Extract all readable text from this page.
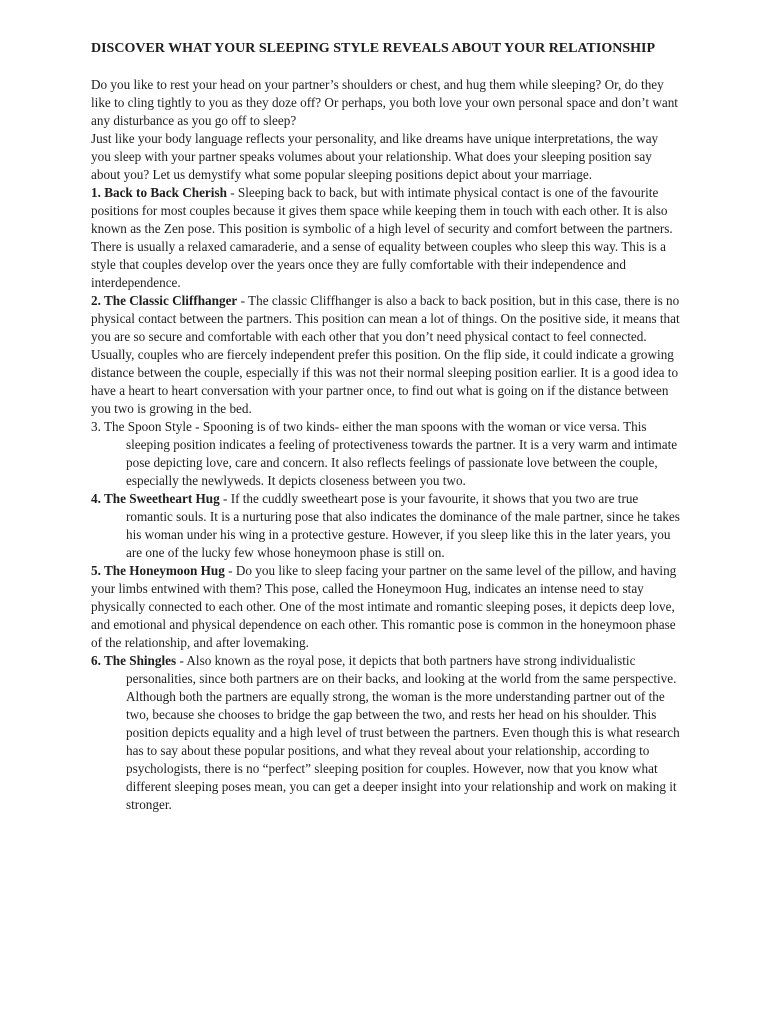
DISCOVER WHAT YOUR SLEEPING STYLE REVEALS ABOUT YOUR RELATIONSHIP

Do you like to rest your head on your partner’s shoulders or chest, and hug them while sleeping? Or, do they like to cling tightly to you as they doze off? Or perhaps, you both love your own personal space and don’t want any disturbance as you go off to sleep?

Just like your body language reflects your personality, and like dreams have unique interpretations, the way you sleep with your partner speaks volumes about your relationship. What does your sleeping position say about you? Let us demystify what some popular sleeping positions depict about your marriage.

1. Back to Back Cherish - Sleeping back to back, but with intimate physical contact is one of the favourite positions for most couples because it gives them space while keeping them in touch with each other. It is also known as the Zen pose. This position is symbolic of a high level of security and comfort between the partners. There is usually a relaxed camaraderie, and a sense of equality between couples who sleep this way. This is a style that couples develop over the years once they are fully comfortable with their independence and interdependence.

2. The Classic Cliffhanger - The classic Cliffhanger is also a back to back position, but in this case, there is no physical contact between the partners. This position can mean a lot of things. On the positive side, it means that you are so secure and comfortable with each other that you don’t need physical contact to feel connected. Usually, couples who are fiercely independent prefer this position. On the flip side, it could indicate a growing distance between the couple, especially if this was not their normal sleeping position earlier. It is a good idea to have a heart to heart conversation with your partner once, to find out what is going on if the distance between you two is growing in the bed.

3. The Spoon Style - Spooning is of two kinds- either the man spoons with the woman or vice versa. This sleeping position indicates a feeling of protectiveness towards the partner. It is a very warm and intimate pose depicting love, care and concern. It also reflects feelings of passionate love between the couple, especially the newlyweds. It depicts closeness between you two.

4. The Sweetheart Hug - If the cuddly sweetheart pose is your favourite, it shows that you two are true romantic souls. It is a nurturing pose that also indicates the dominance of the male partner, since he takes his woman under his wing in a protective gesture. However, if you sleep like this in the later years, you are one of the lucky few whose honeymoon phase is still on.

5. The Honeymoon Hug - Do you like to sleep facing your partner on the same level of the pillow, and having your limbs entwined with them? This pose, called the Honeymoon Hug, indicates an intense need to stay physically connected to each other. One of the most intimate and romantic sleeping poses, it depicts deep love, and emotional and physical dependence on each other. This romantic pose is common in the honeymoon phase of the relationship, and after lovemaking.

6. The Shingles - Also known as the royal pose, it depicts that both partners have strong individualistic personalities, since both partners are on their backs, and looking at the world from the same perspective. Although both the partners are equally strong, the woman is the more understanding partner out of the two, because she chooses to bridge the gap between the two, and rests her head on his shoulder. This position depicts equality and a high level of trust between the partners. Even though this is what research has to say about these popular positions, and what they reveal about your relationship, according to psychologists, there is no “perfect” sleeping position for couples. However, now that you know what different sleeping poses mean, you can get a deeper insight into your relationship and work on making it stronger.
